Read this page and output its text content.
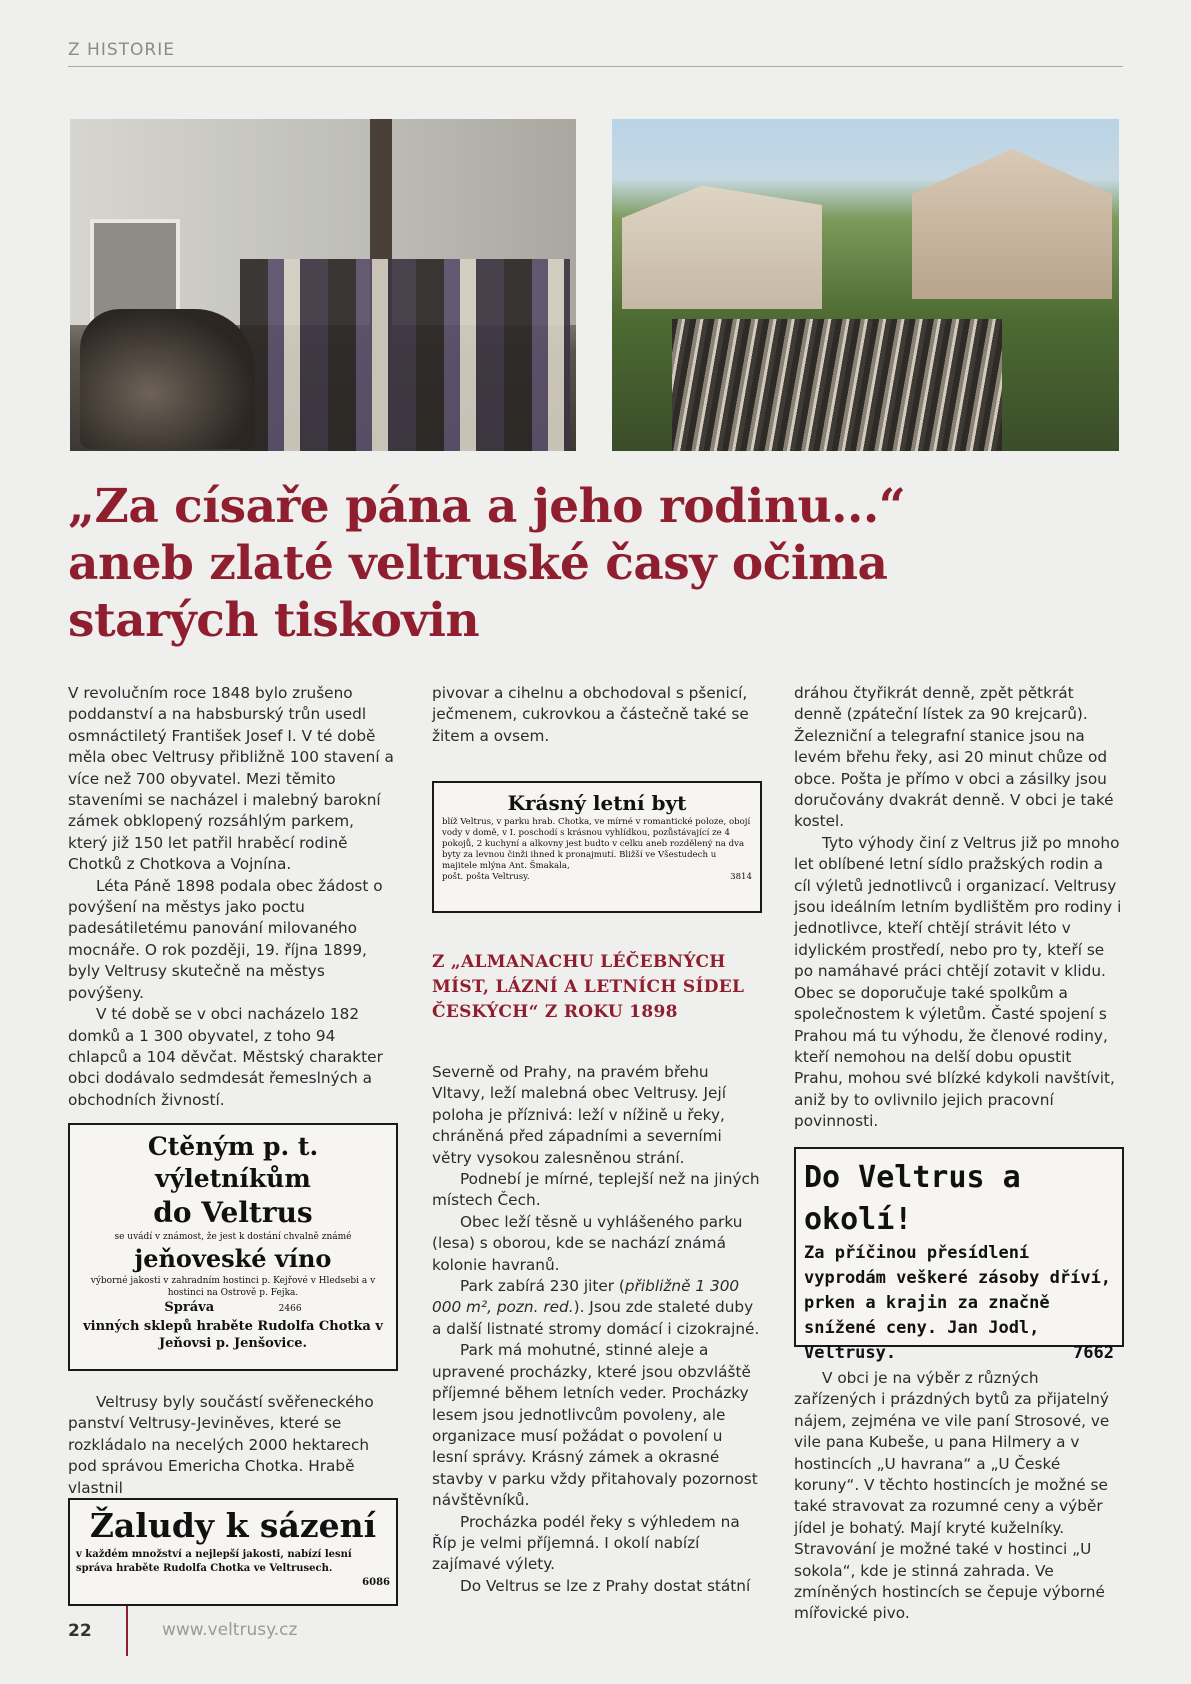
Z HISTORIE
„Za císaře pána a jeho rodinu...“
aneb zlaté veltruské časy očima
starých tiskovin

V revolučním roce 1848 bylo zrušeno poddanství a na habsburský trůn usedl osmnáctiletý František Josef I. V té době měla obec Veltrusy přibližně 100 stavení a více než 700 obyvatel. Mezi těmito staveními se nacházel i malebný barokní zámek obklopený rozsáhlým parkem, který již 150 let patřil hraběcí rodině Chotků z Chotkova a Vojnína.

Léta Páně 1898 podala obec žádost o povýšení na městys jako poctu padesátiletému panování milovaného mocnáře. O rok později, 19. října 1899, byly Veltrusy skutečně na městys povýšeny.

V té době se v obci nacházelo 182 domků a 1 300 obyvatel, z toho 94 chlapců a 104 děvčat. Městský charakter obci dodávalo sedmdesát řemeslných a obchodních živností.

Ctěným p. t. výletníkům
do Veltrus
se uvádí v známost, že jest k dostání chvalně známé
jeňoveské víno
výborné jakosti v zahradním hostinci p. Kejřové v Hledsebi a v hostinci na Ostrově p. Fejka.
Správa	2466
vinných sklepů hraběte Rudolfa Chotka v
Jeňovsi p. Jenšovice.

Veltrusy byly součástí svěřeneckého panství Veltrusy-Jeviněves, které se rozkládalo na necelých 2000 hektarech pod správou Emericha Chotka. Hrabě vlastnil

Žaludy k sázení
v každém množství a nejlepší jakosti, nabízí lesní správa hraběte Rudolfa Chotka ve Veltrusech.
6086

pivovar a cihelnu a obchodoval s pšenicí, ječmenem, cukrovkou a částečně také se žitem a ovsem.

Krásný letní byt
blíž Veltrus, v parku hrab. Chotka, ve mírné v romantické poloze, obojí vody v domě, v I. poschodí s krásnou vyhlídkou, pozůstávající ze 4 pokojů, 2 kuchyní a alkovny jest budto v celku aneb rozdělený na dva byty za levnou činži ihned k pronajmutí. Bližší ve Všestudech u majitele mlýna Ant. Šmakala,
pošt. pošta Veltrusy.	3814
Z „ALMANACHU LÉČEBNÝCH MÍST, LÁZNÍ A LETNÍCH SÍDEL ČESKÝCH“ Z ROKU 1898

Severně od Prahy, na pravém břehu Vltavy, leží malebná obec Veltrusy. Její poloha je příznivá: leží v nížině u řeky, chráněná před západními a severními větry vysokou zalesněnou strání.

Podnebí je mírné, teplejší než na jiných místech Čech.

Obec leží těsně u vyhlášeného parku (lesa) s oborou, kde se nachází známá kolonie havranů.

Park zabírá 230 jiter (přibližně 1 300 000 m², pozn. red.). Jsou zde staleté duby a další listnaté stromy domácí i cizokrajné.

Park má mohutné, stinné aleje a upravené procházky, které jsou obzvláště příjemné během letních veder. Procházky lesem jsou jednotlivcům povoleny, ale organizace musí požádat o povolení u lesní správy. Krásný zámek a okrasné stavby v parku vždy přitahovaly pozornost návštěvníků.

Procházka podél řeky s výhledem na Říp je velmi příjemná. I okolí nabízí zajímavé výlety.

Do Veltrus se lze z Prahy dostat státní

dráhou čtyřikrát denně, zpět pětkrát denně (zpáteční lístek za 90 krejcarů). Železniční a telegrafní stanice jsou na levém břehu řeky, asi 20 minut chůze od obce. Pošta je přímo v obci a zásilky jsou doručovány dvakrát denně. V obci je také kostel.

Tyto výhody činí z Veltrus již po mnoho let oblíbené letní sídlo pražských rodin a cíl výletů jednotlivců i organizací. Veltrusy jsou ideálním letním bydlištěm pro rodiny i jednotlivce, kteří chtějí strávit léto v idylickém prostředí, nebo pro ty, kteří se po namáhavé práci chtějí zotavit v klidu. Obec se doporučuje také spolkům a společnostem k výletům. Časté spojení s Prahou má tu výhodu, že členové rodiny, kteří nemohou na delší dobu opustit Prahu, mohou své blízké kdykoli navštívit, aniž by to ovlivnilo jejich pracovní povinnosti.

Do Veltrus a okolí!
Za příčinou přesídlení vyprodám veškeré zásoby dříví, prken a krajin za značně snížené ceny. Jan Jodl,
Veltrusy.	7662

V obci je na výběr z různých zařízených i prázdných bytů za přijatelný nájem, zejména ve vile paní Strosové, ve vile pana Kubeše, u pana Hilmery a v hostincích „U havrana“ a „U České koruny“. V těchto hostincích je možné se také stravovat za rozumné ceny a výběr jídel je bohatý. Mají kryté kuželníky. Stravování je možné také v hostinci „U sokola“, kde je stinná zahrada. Ve zmíněných hostincích se čepuje výborné mířovické pivo.

22	www.veltrusy.cz
